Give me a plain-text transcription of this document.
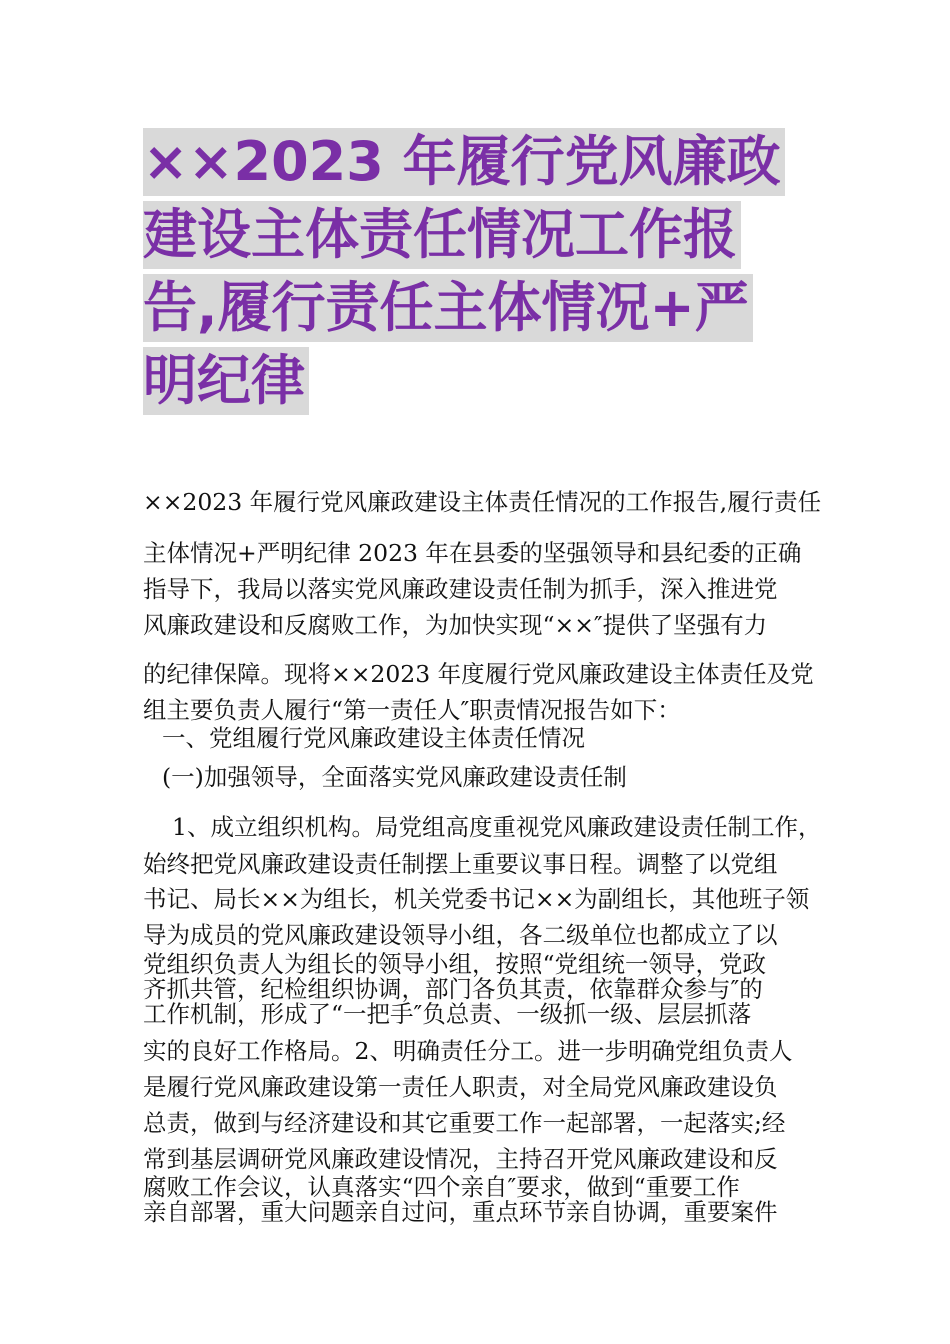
××2023 年履行党风廉政 建设主体责任情况工作报 告,履行责任主体情况+严 明纪律

××2023 年履行党风廉政建设主体责任情况的工作报告,履行责任

主体情况+严明纪律 2023 年在县委的坚强领导和县纪委的正确

指导下，我局以落实党风廉政建设责任制为抓手，深入推进党

风廉政建设和反腐败工作，为加快实现“××″提供了坚强有力

的纪律保障。现将××2023 年度履行党风廉政建设主体责任及党

组主要负责人履行“第一责任人″职责情况报告如下：

一、党组履行党风廉政建设主体责任情况

(一)加强领导，全面落实党风廉政建设责任制

1、成立组织机构。局党组高度重视党风廉政建设责任制工作，

始终把党风廉政建设责任制摆上重要议事日程。调整了以党组

书记、局长××为组长，机关党委书记××为副组长，其他班子领

导为成员的党风廉政建设领导小组，各二级单位也都成立了以

党组织负责人为组长的领导小组，按照“党组统一领导，党政

齐抓共管，纪检组织协调，部门各负其责，依靠群众参与″的

工作机制，形成了“一把手″负总责、一级抓一级、层层抓落

实的良好工作格局。2、明确责任分工。进一步明确党组负责人

是履行党风廉政建设第一责任人职责，对全局党风廉政建设负

总责，做到与经济建设和其它重要工作一起部署，一起落实;经

常到基层调研党风廉政建设情况，主持召开党风廉政建设和反

腐败工作会议，认真落实“四个亲自″要求，做到“重要工作

亲自部署，重大问题亲自过问，重点环节亲自协调，重要案件
